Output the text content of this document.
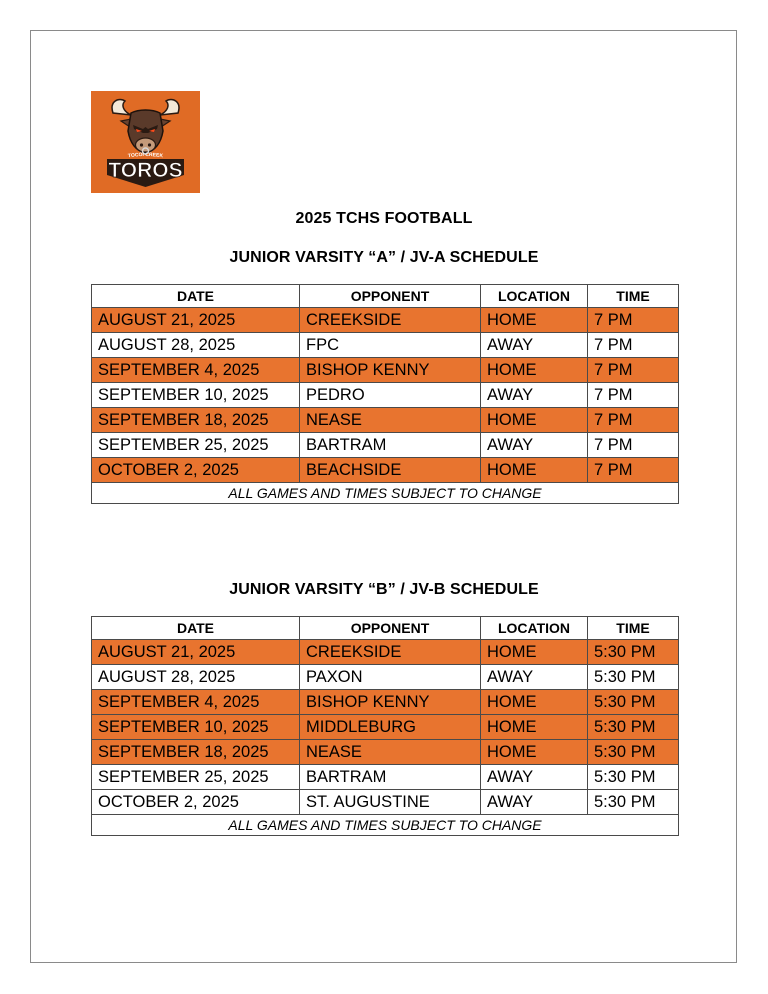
TOCOI CREEK
TOROS
2025 TCHS FOOTBALL
JUNIOR VARSITY “A” / JV-A SCHEDULE
DATE	OPPONENT	LOCATION	TIME
AUGUST 21, 2025	CREEKSIDE	HOME	7 PM
AUGUST 28, 2025	FPC	AWAY	7 PM
SEPTEMBER 4, 2025	BISHOP KENNY	HOME	7 PM
SEPTEMBER 10, 2025	PEDRO	AWAY	7 PM
SEPTEMBER 18, 2025	NEASE	HOME	7 PM
SEPTEMBER 25, 2025	BARTRAM	AWAY	7 PM
OCTOBER 2, 2025	BEACHSIDE	HOME	7 PM
ALL GAMES AND TIMES SUBJECT TO CHANGE			
JUNIOR VARSITY “B” / JV-B SCHEDULE
DATE	OPPONENT	LOCATION	TIME
AUGUST 21, 2025	CREEKSIDE	HOME	5:30 PM
AUGUST 28, 2025	PAXON	AWAY	5:30 PM
SEPTEMBER 4, 2025	BISHOP KENNY	HOME	5:30 PM
SEPTEMBER 10, 2025	MIDDLEBURG	HOME	5:30 PM
SEPTEMBER 18, 2025	NEASE	HOME	5:30 PM
SEPTEMBER 25, 2025	BARTRAM	AWAY	5:30 PM
OCTOBER 2, 2025	ST. AUGUSTINE	AWAY	5:30 PM
ALL GAMES AND TIMES SUBJECT TO CHANGE			
